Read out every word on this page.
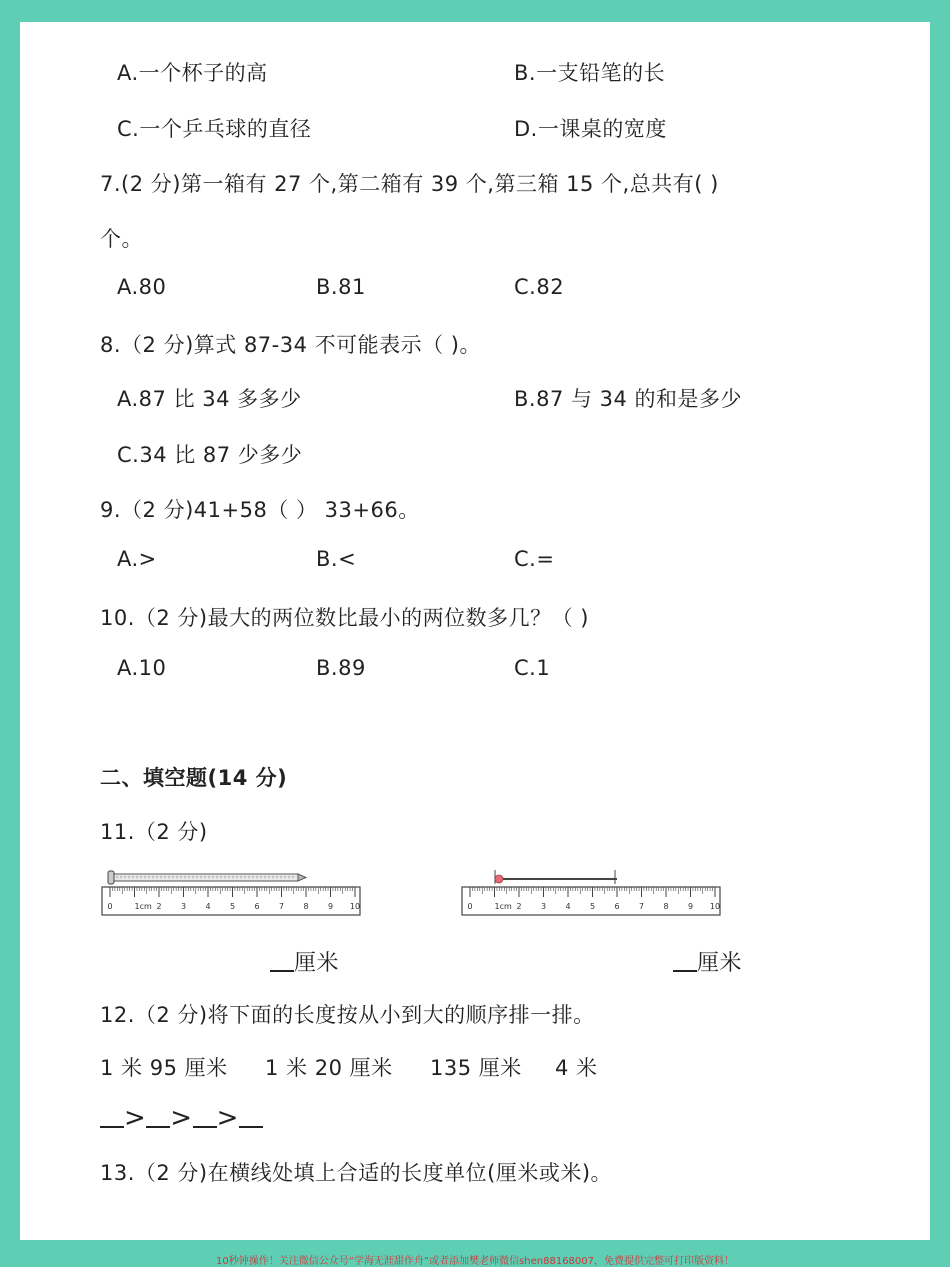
A.一个杯子的高	B.一支铅笔的长
C.一个乒乓球的直径	D.一课桌的宽度
7.(2 分)第一箱有 27 个,第二箱有 39 个,第三箱 15 个,总共有( )
个。
A.80	B.81	C.82
8.（2 分)算式 87-34 不可能表示（ )。
A.87 比 34 多多少	B.87 与 34 的和是多少
C.34 比 87 少多少
9.（2 分)41+58（ ） 33+66。
A.>	B.<	C.=
10.（2 分)最大的两位数比最小的两位数多几？（ )
A.10	B.89	C.1
二、填空题(14 分)
11.（2 分)
0	1cm 2 3 4 5 6 7 8 9 10	0	1cm 2 3 4 5 6 7 8 9 10
厘米	厘米
12.（2 分)将下面的长度按从小到大的顺序排一排。
1 米 95 厘米 1 米 20 厘米 135 厘米 4 米
> > >
13.（2 分)在横线处填上合适的长度单位(厘米或米)。
10秒钟操作！关注微信公众号“学海无涯甜作舟”或者添加樊老师微信shen88168007，免费提供完整可打印版资料！
